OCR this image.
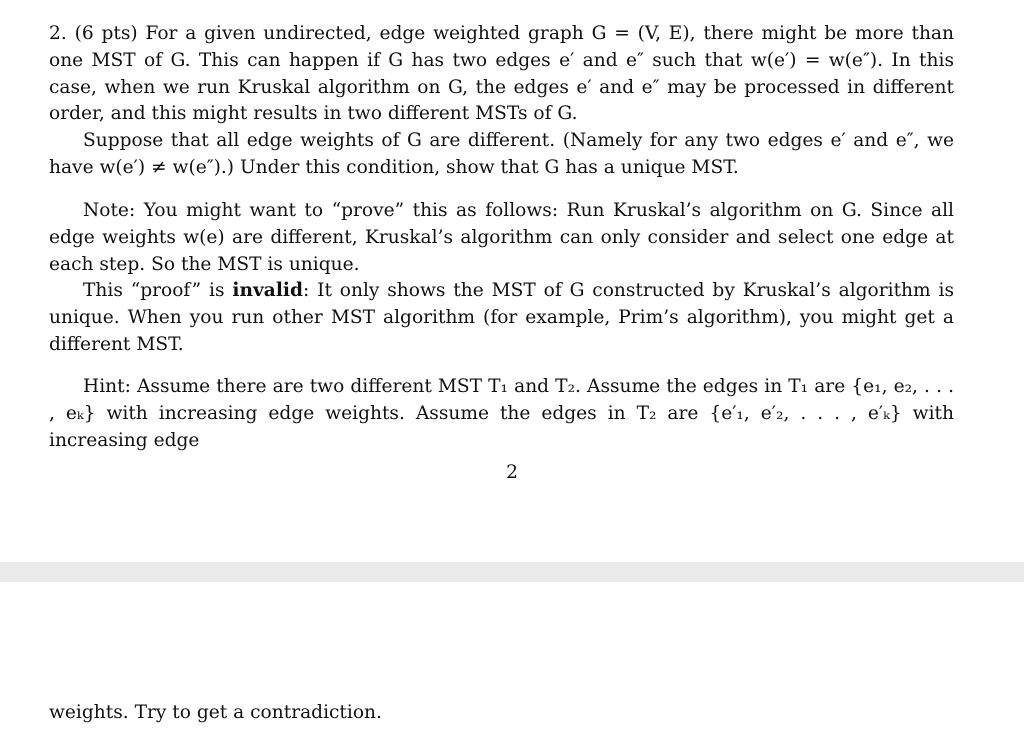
2. (6 pts) For a given undirected, edge weighted graph G = (V, E), there might be more than one MST of G. This can happen if G has two edges e′ and e″ such that w(e′) = w(e″). In this case, when we run Kruskal algorithm on G, the edges e′ and e″ may be processed in different order, and this might results in two different MSTs of G.

Suppose that all edge weights of G are different. (Namely for any two edges e′ and e″, we have w(e′) ≠ w(e″).) Under this condition, show that G has a unique MST.

Note: You might want to “prove” this as follows: Run Kruskal’s algorithm on G. Since all edge weights w(e) are different, Kruskal’s algorithm can only consider and select one edge at each step. So the MST is unique.

This “proof” is invalid: It only shows the MST of G constructed by Kruskal’s algorithm is unique. When you run other MST algorithm (for example, Prim’s algorithm), you might get a different MST.

Hint: Assume there are two different MST T₁ and T₂. Assume the edges in T₁ are {e₁, e₂, . . . , eₖ} with increasing edge weights. Assume the edges in T₂ are {e′₁, e′₂, . . . , e′ₖ} with increasing edge

2

weights. Try to get a contradiction.
